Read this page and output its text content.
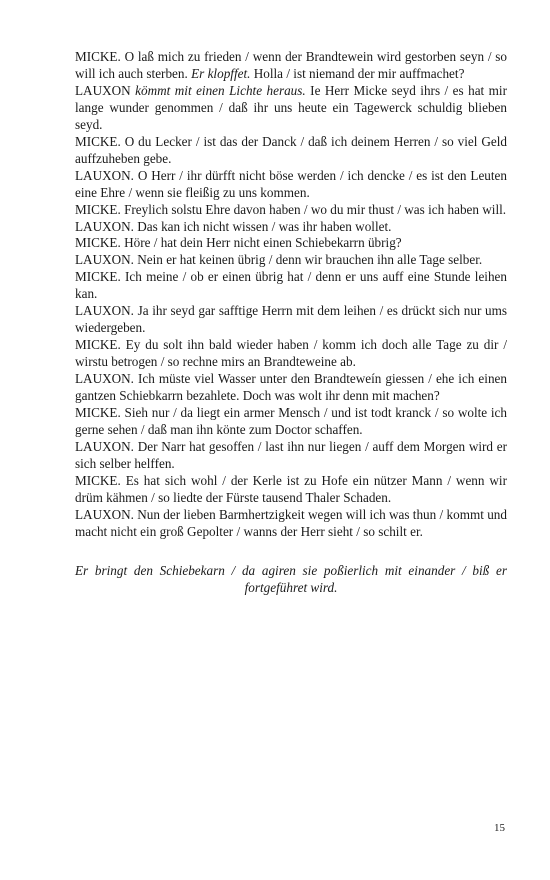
MICKE. O laß mich zu frieden / wenn der Brandtewein wird gestorben seyn / so will ich auch sterben. Er klopffet. Holla / ist niemand der mir auffmachet?

LAUXON kömmt mit einen Lichte heraus. Ie Herr Micke seyd ihrs / es hat mir lange wunder genommen / daß ihr uns heute ein Tagewerck schuldig blieben seyd.

MICKE. O du Lecker / ist das der Danck / daß ich deinem Herren / so viel Geld auffzuheben gebe.

LAUXON. O Herr / ihr dürfft nicht böse werden / ich dencke / es ist den Leuten eine Ehre / wenn sie fleißig zu uns kommen.

MICKE. Freylich solstu Ehre davon haben / wo du mir thust / was ich haben will.

LAUXON. Das kan ich nicht wissen / was ihr haben wollet.

MICKE. Höre / hat dein Herr nicht einen Schiebekarrn übrig?

LAUXON. Nein er hat keinen übrig / denn wir brauchen ihn alle Tage selber.

MICKE. Ich meine / ob er einen übrig hat / denn er uns auff eine Stunde leihen kan.

LAUXON. Ja ihr seyd gar safftige Herrn mit dem leihen / es drückt sich nur ums wiedergeben.

MICKE. Ey du solt ihn bald wieder haben / komm ich doch alle Tage zu dir / wirstu betrogen / so rechne mirs an Brandteweine ab.

LAUXON. Ich müste viel Wasser unter den Brandteweín giessen / ehe ich einen gantzen Schiebkarrn bezahlete. Doch was wolt ihr denn mit machen?

MICKE. Sieh nur / da liegt ein armer Mensch / und ist todt kranck / so wolte ich gerne sehen / daß man ihn könte zum Doctor schaffen.

LAUXON. Der Narr hat gesoffen / last ihn nur liegen / auff dem Morgen wird er sich selber helffen.

MICKE. Es hat sich wohl / der Kerle ist zu Hofe ein nützer Mann / wenn wir drüm kähmen / so liedte der Fürste tausend Thaler Schaden.

LAUXON. Nun der lieben Barmhertzigkeit wegen will ich was thun / kommt und macht nicht ein groß Gepolter / wanns der Herr sieht / so schilt er.

Er bringt den Schiebekarn / da agiren sie poßierlich mit einander / biß er fortgeführet wird.

15
